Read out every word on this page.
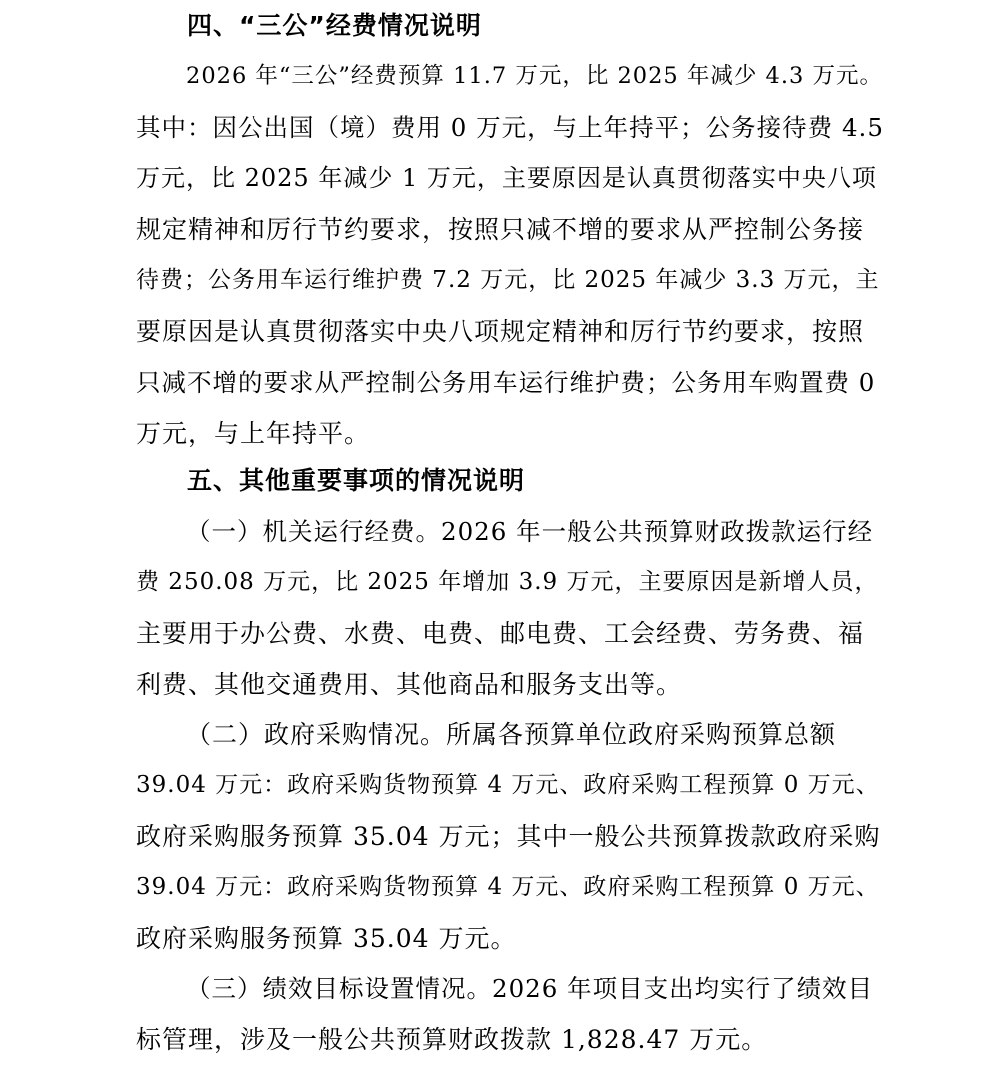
四、“三公”经费情况说明
2026 年“三公”经费预算 11.7 万元，比 2025 年减少 4.3 万元。
其中：因公出国（境）费用 0 万元，与上年持平；公务接待费 4.5
万元，比 2025 年减少 1 万元，主要原因是认真贯彻落实中央八项
规定精神和厉行节约要求，按照只减不增的要求从严控制公务接
待费；公务用车运行维护费 7.2 万元，比 2025 年减少 3.3 万元，主
要原因是认真贯彻落实中央八项规定精神和厉行节约要求，按照
只减不增的要求从严控制公务用车运行维护费；公务用车购置费 0
万元，与上年持平。
五、其他重要事项的情况说明
（一）机关运行经费。2026 年一般公共预算财政拨款运行经
费 250.08 万元，比 2025 年增加 3.9 万元，主要原因是新增人员，
主要用于办公费、水费、电费、邮电费、工会经费、劳务费、福
利费、其他交通费用、其他商品和服务支出等。
（二）政府采购情况。所属各预算单位政府采购预算总额
39.04 万元：政府采购货物预算 4 万元、政府采购工程预算 0 万元、
政府采购服务预算 35.04 万元；其中一般公共预算拨款政府采购
39.04 万元：政府采购货物预算 4 万元、政府采购工程预算 0 万元、
政府采购服务预算 35.04 万元。
（三）绩效目标设置情况。2026 年项目支出均实行了绩效目
标管理，涉及一般公共预算财政拨款 1,828.47 万元。
